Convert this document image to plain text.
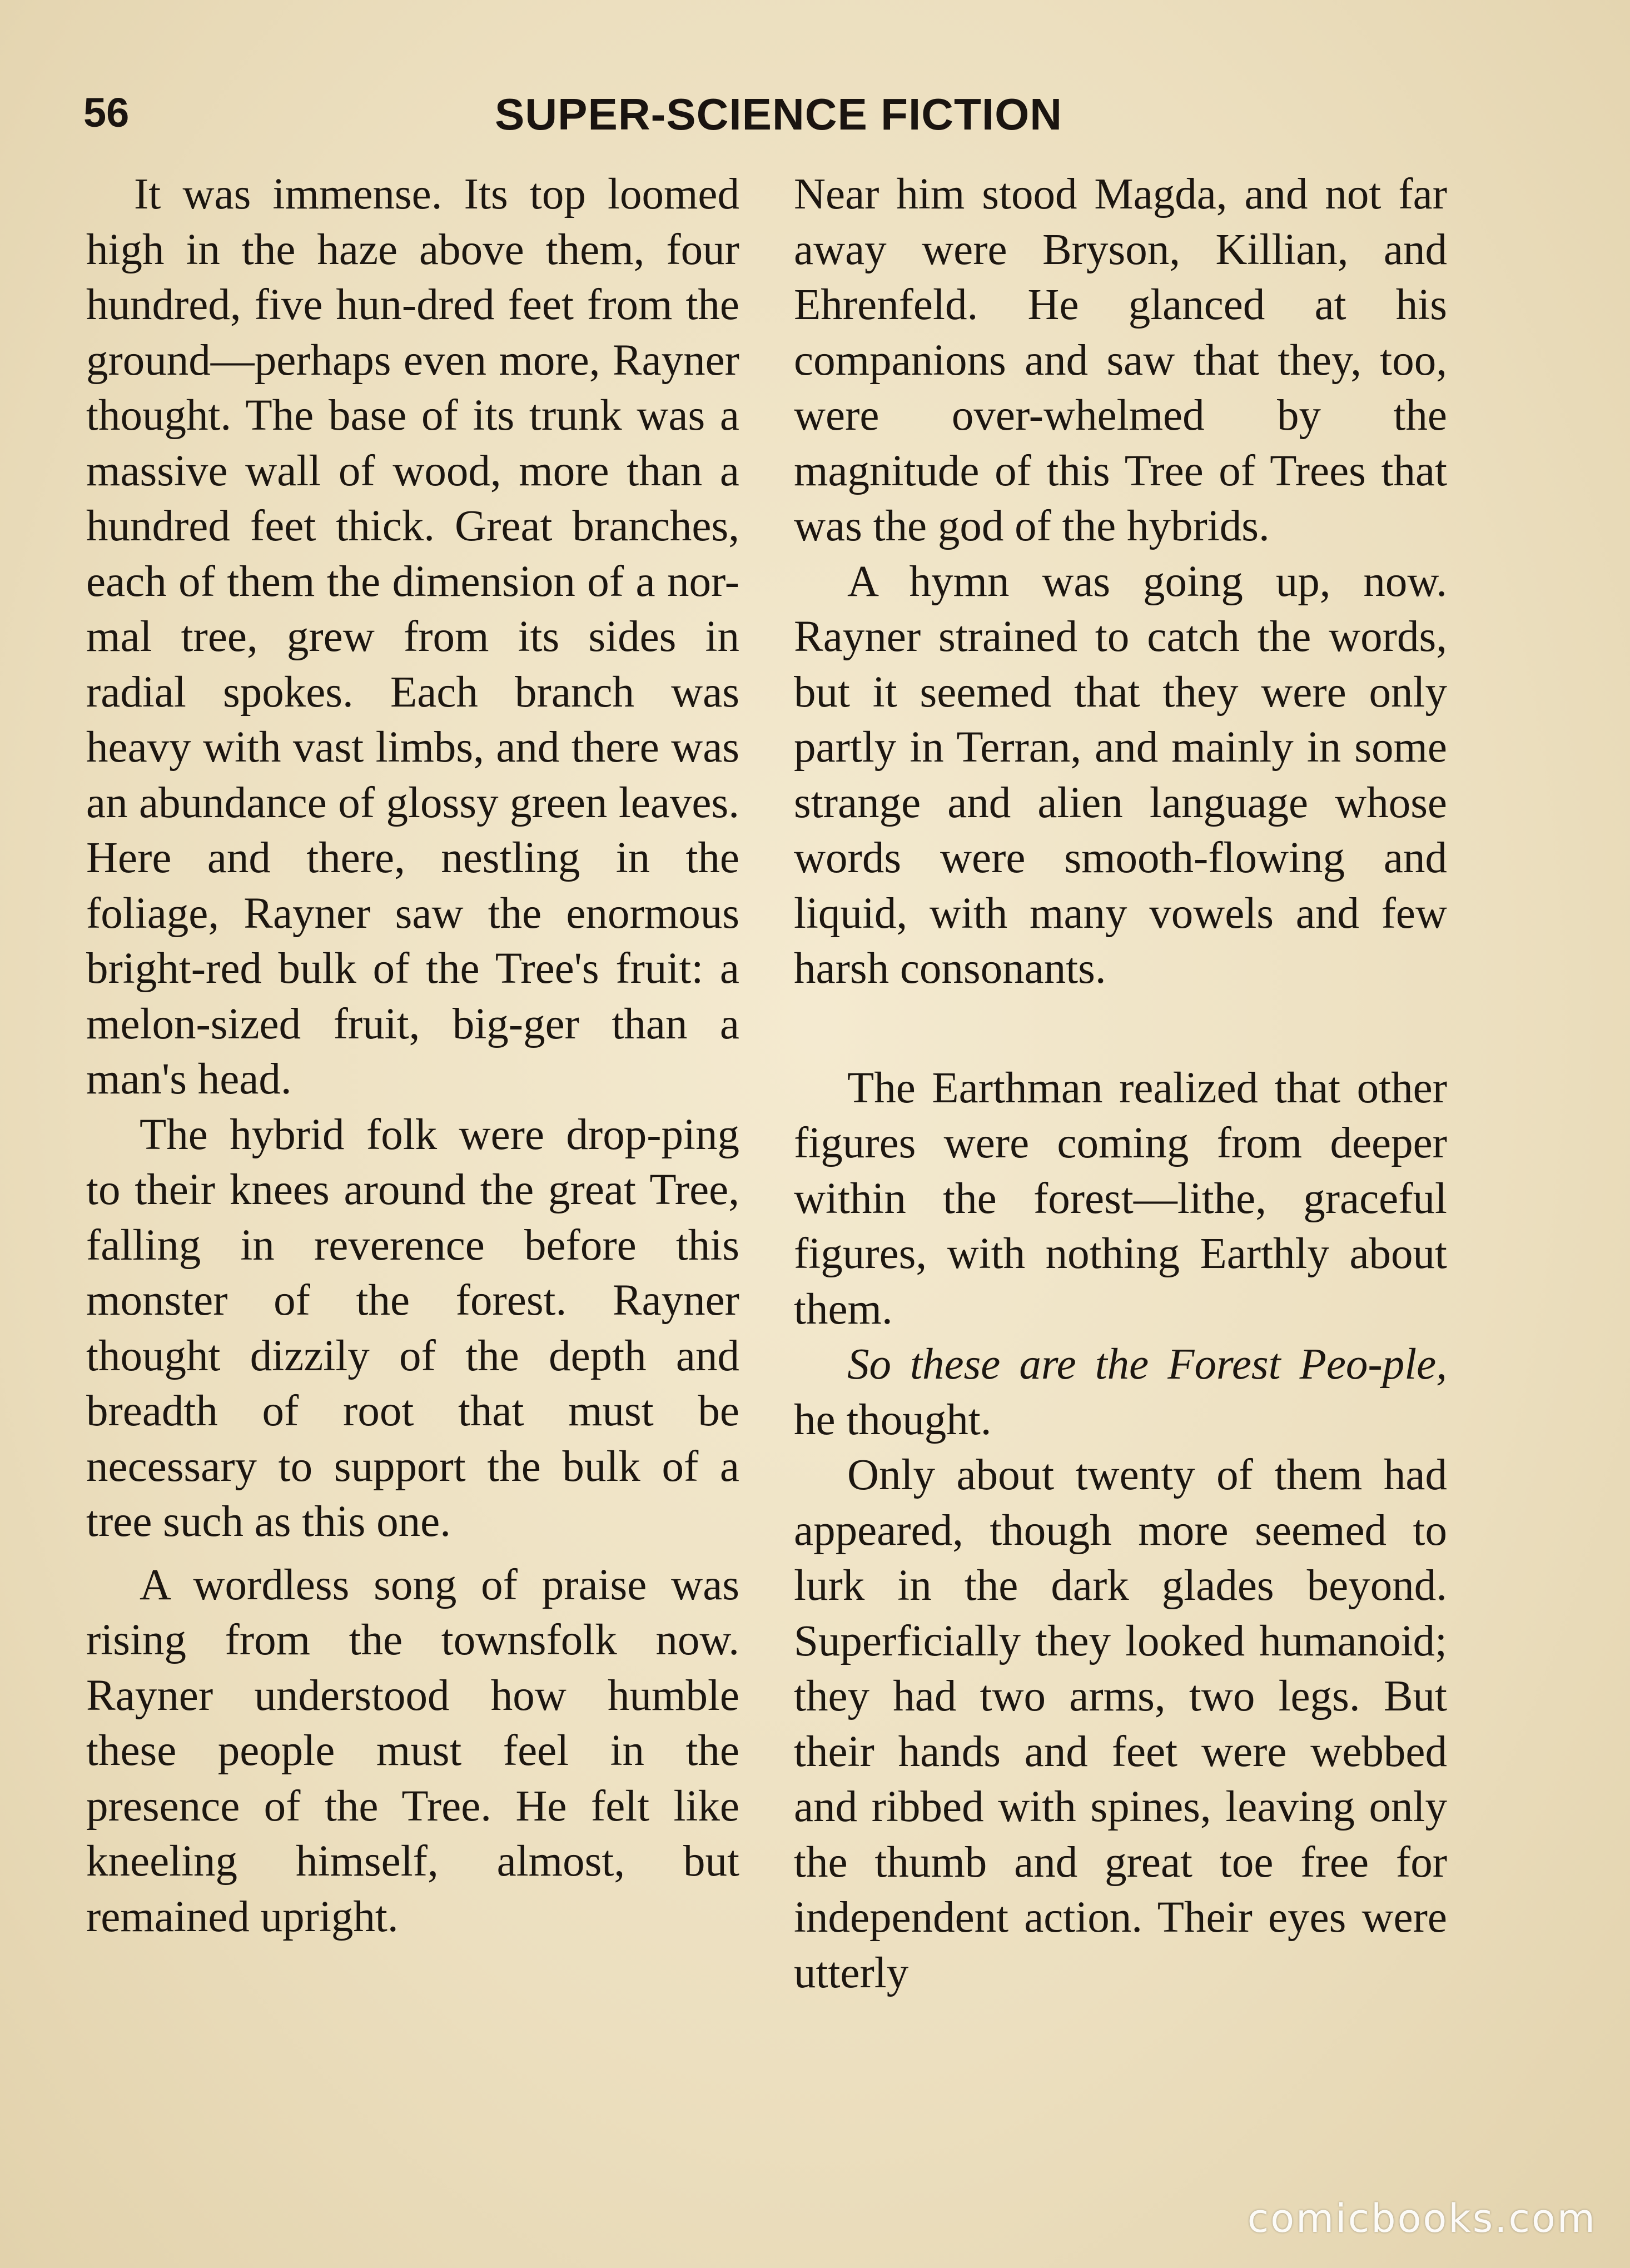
56	SUPER-SCIENCE FICTION

It was immense. Its top loomed high in the haze above them, four hundred, five hun-dred feet from the ground—perhaps even more, Rayner thought. The base of its trunk was a massive wall of wood, more than a hundred feet thick. Great branches, each of them the dimension of a nor-mal tree, grew from its sides in radial spokes. Each branch was heavy with vast limbs, and there was an abundance of glossy green leaves. Here and there, nestling in the foliage, Rayner saw the enormous bright-red bulk of the Tree's fruit: a melon-sized fruit, big-ger than a man's head.

The hybrid folk were drop-ping to their knees around the great Tree, falling in reverence before this monster of the forest. Rayner thought dizzily of the depth and breadth of root that must be necessary to support the bulk of a tree such as this one.

A wordless song of praise was rising from the townsfolk now. Rayner understood how humble these people must feel in the presence of the Tree. He felt like kneeling himself, almost, but remained upright.

Near him stood Magda, and not far away were Bryson, Killian, and Ehrenfeld. He glanced at his companions and saw that they, too, were over-whelmed by the magnitude of this Tree of Trees that was the god of the hybrids.

A hymn was going up, now. Rayner strained to catch the words, but it seemed that they were only partly in Terran, and mainly in some strange and alien language whose words were smooth-flowing and liquid, with many vowels and few harsh consonants.

The Earthman realized that other figures were coming from deeper within the forest—lithe, graceful figures, with nothing Earthly about them.

So these are the Forest Peo-ple, he thought.

Only about twenty of them had appeared, though more seemed to lurk in the dark glades beyond. Superficially they looked humanoid; they had two arms, two legs. But their hands and feet were webbed and ribbed with spines, leaving only the thumb and great toe free for independent action. Their eyes were utterly

comicbooks.com
